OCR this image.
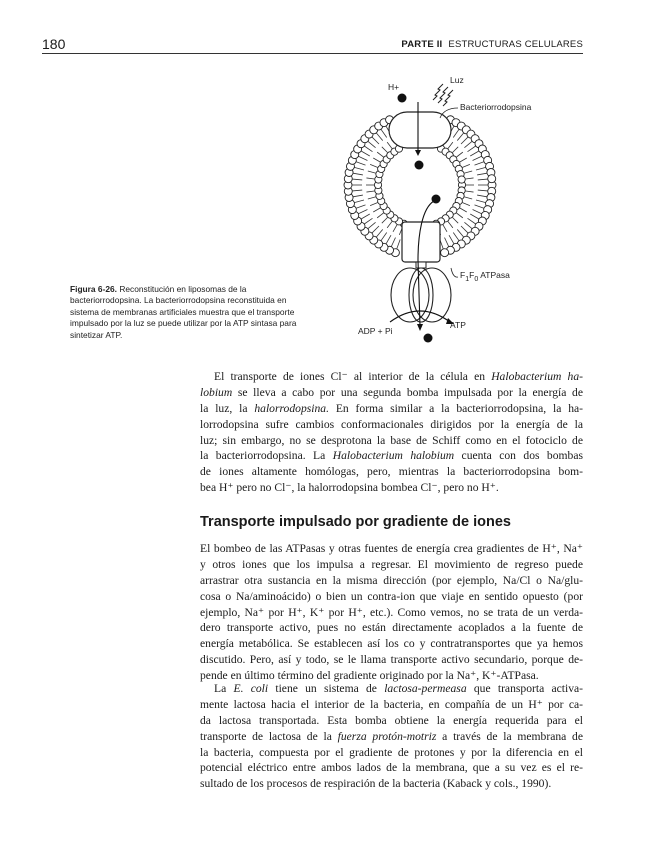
180	PARTE II ESTRUCTURAS CELULARES
H+
Luz
Bacteriorrodopsina
$F_1F_0$ ATPasa
ADP + Pi
ATP
Figura 6-26. Reconstitución en liposomas de la bacteriorrodopsina. La bacteriorrodopsina reconstituida en sistema de membranas artificiales muestra que el transporte impulsado por la luz se puede utilizar por la ATP sintasa para sintetizar ATP.
El transporte de iones Cl⁻ al interior de la célula en Halobacterium ha-
lobium se lleva a cabo por una segunda bomba impulsada por la energía de
la luz, la halorrodopsina. En forma similar a la bacteriorrodopsina, la ha-
lorrodopsina sufre cambios conformacionales dirigidos por la energía de la
luz; sin embargo, no se desprotona la base de Schiff como en el fotociclo de
la bacteriorrodopsina. La Halobacterium halobium cuenta con dos bombas
de iones altamente homólogas, pero, mientras la bacteriorrodopsina bom-
bea H⁺ pero no Cl⁻, la halorrodopsina bombea Cl⁻, pero no H⁺.
Transporte impulsado por gradiente de iones
El bombeo de las ATPasas y otras fuentes de energía crea gradientes de H⁺, Na⁺
y otros iones que los impulsa a regresar. El movimiento de regreso puede
arrastrar otra sustancia en la misma dirección (por ejemplo, Na/Cl o Na/glu-
cosa o Na/aminoácido) o bien un contra-ion que viaje en sentido opuesto (por
ejemplo, Na⁺ por H⁺, K⁺ por H⁺, etc.). Como vemos, no se trata de un verda-
dero transporte activo, pues no están directamente acoplados a la fuente de
energía metabólica. Se establecen así los co y contratransportes que ya hemos
discutido. Pero, así y todo, se le llama transporte activo secundario, porque de-
pende en último término del gradiente originado por la Na⁺, K⁺-ATPasa.
La E. coli tiene un sistema de lactosa-permeasa que transporta activa-
mente lactosa hacia el interior de la bacteria, en compañía de un H⁺ por ca-
da lactosa transportada. Esta bomba obtiene la energía requerida para el
transporte de lactosa de la fuerza protón-motriz a través de la membrana de
la bacteria, compuesta por el gradiente de protones y por la diferencia en el
potencial eléctrico entre ambos lados de la membrana, que a su vez es el re-
sultado de los procesos de respiración de la bacteria (Kaback y cols., 1990).
